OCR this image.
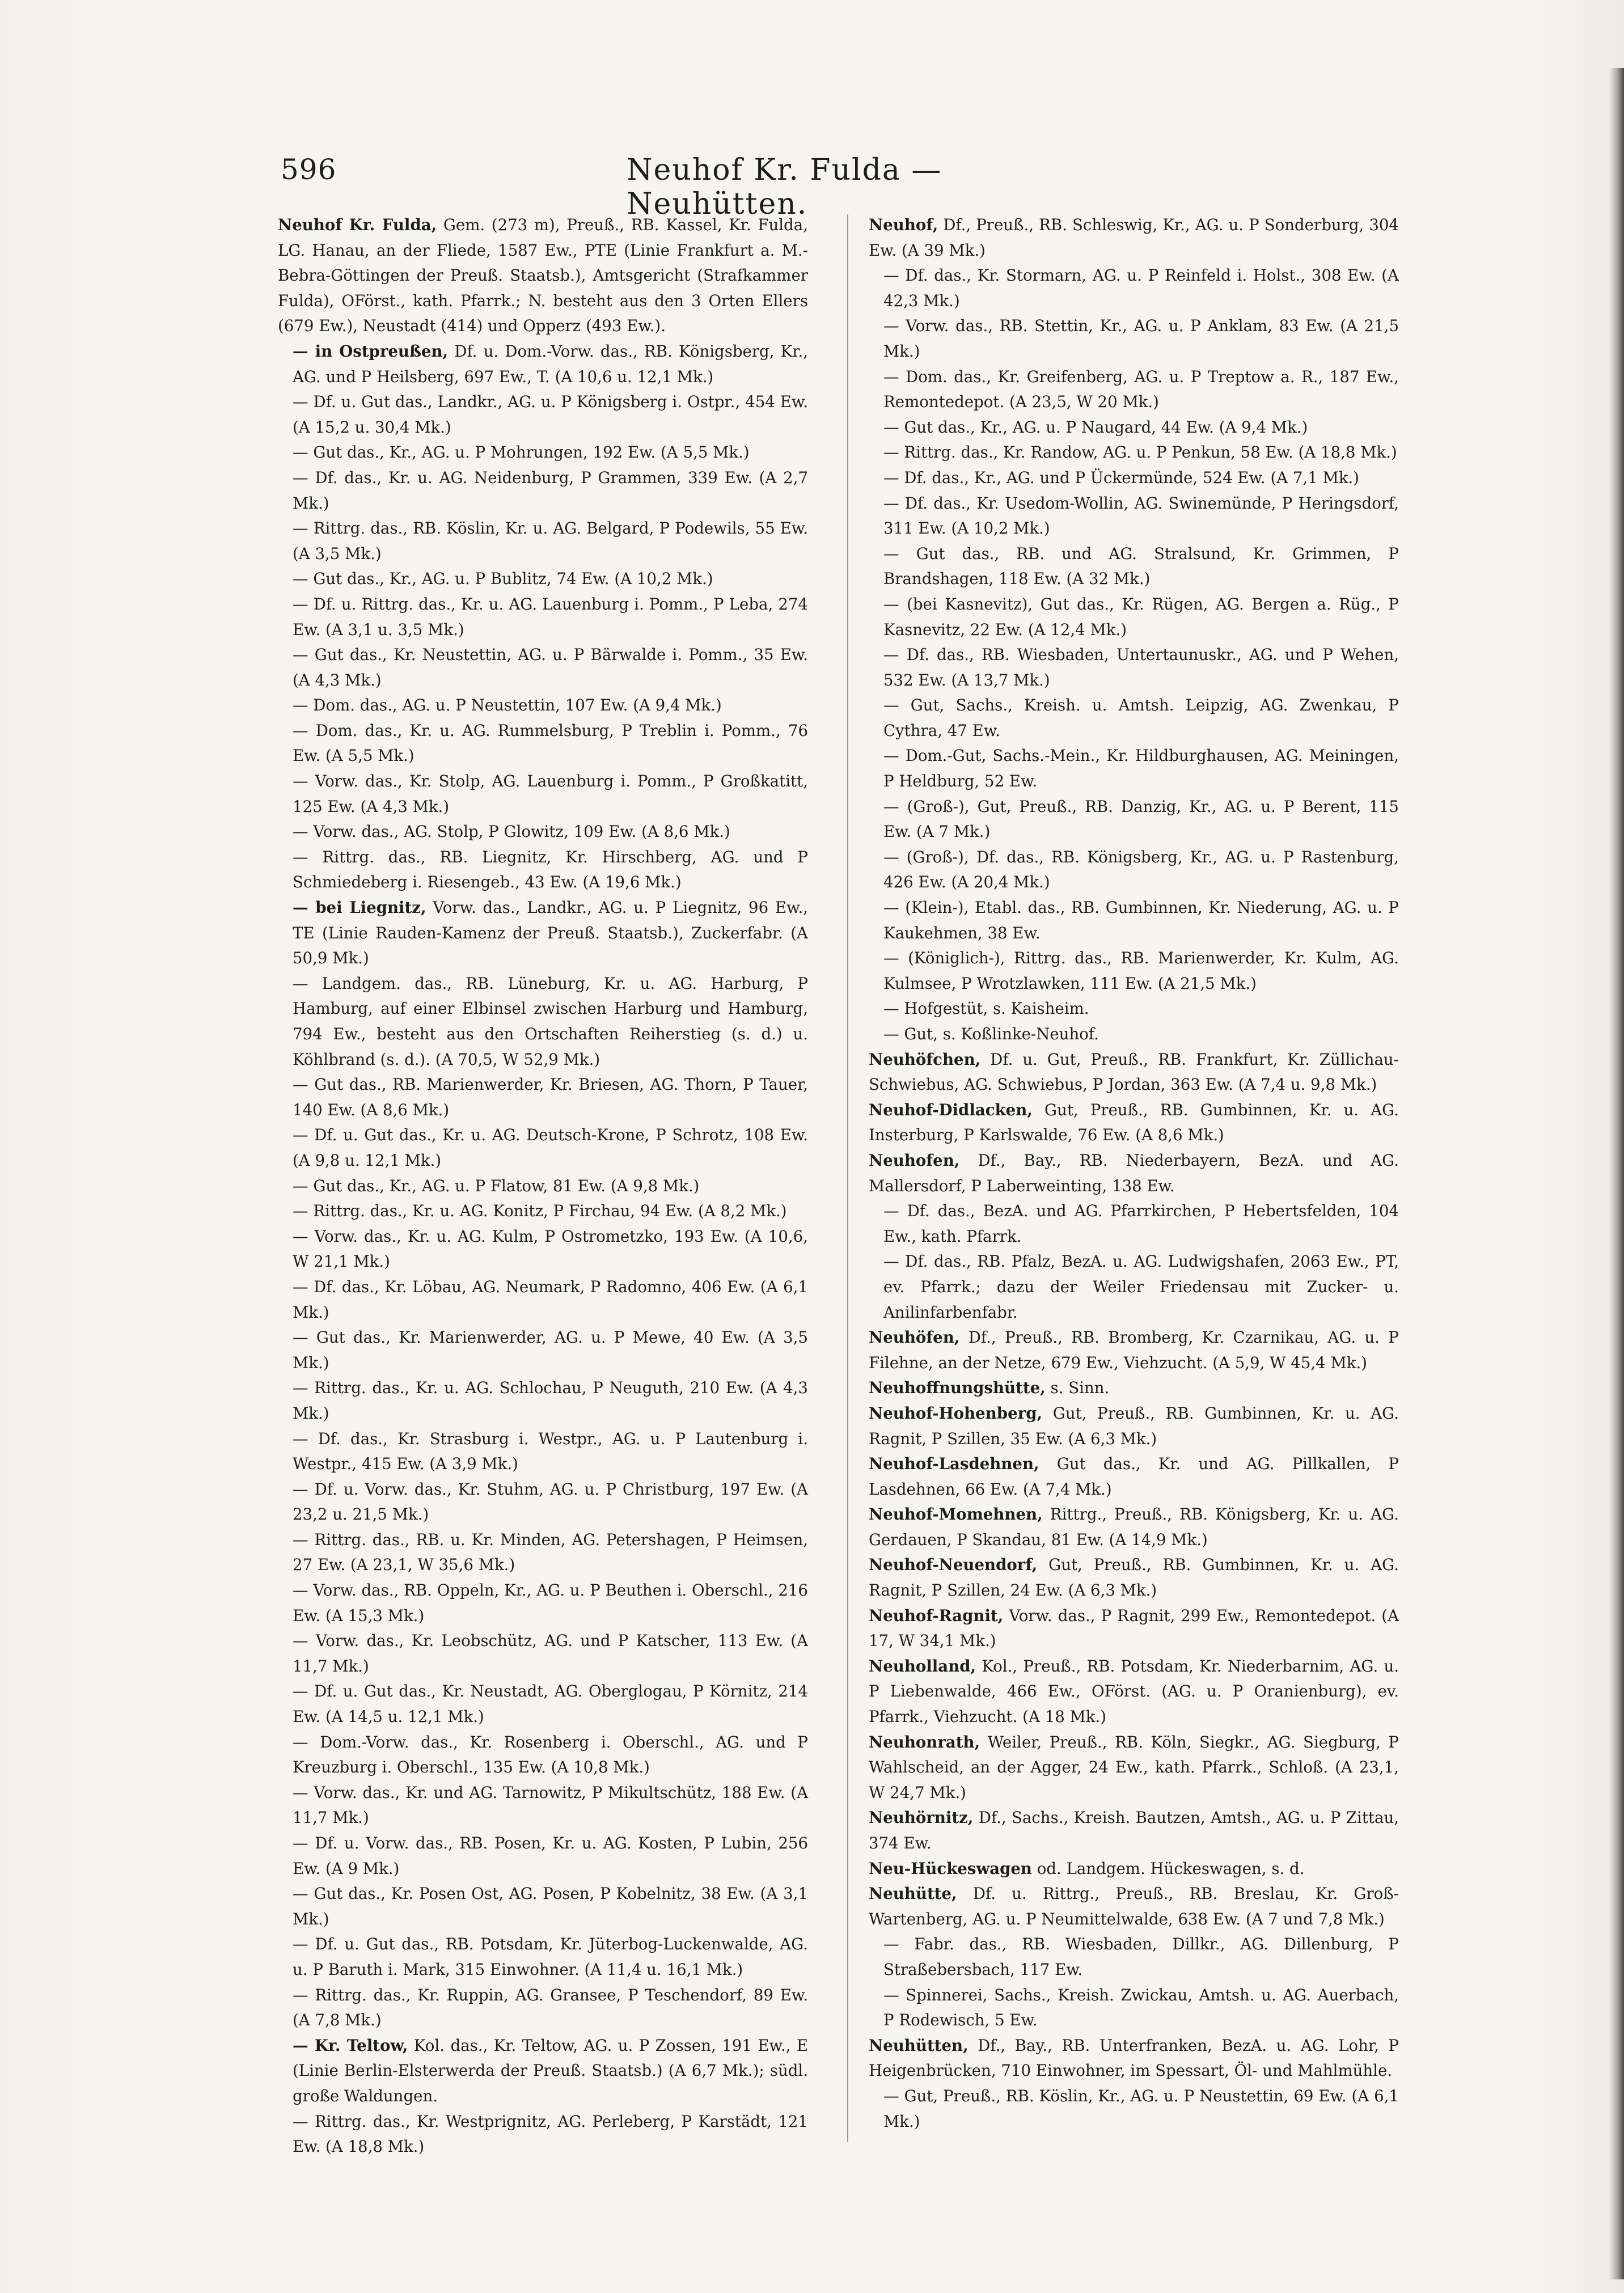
596	Neuhof Kr. Fulda — Neuhütten.

Neuhof Kr. Fulda, Gem. (273 m), Preuß., RB. Kassel, Kr. Fulda, LG. Hanau, an der Fliede, 1587 Ew., PTE (Linie Frankfurt a. M.-Bebra-Göttingen der Preuß. Staatsb.), Amtsgericht (Strafkammer Fulda), OFörst., kath. Pfarrk.; N. besteht aus den 3 Orten Ellers (679 Ew.), Neustadt (414) und Opperz (493 Ew.).

— in Ostpreußen, Df. u. Dom.-Vorw. das., RB. Königsberg, Kr., AG. und P Heilsberg, 697 Ew., T. (A 10,6 u. 12,1 Mk.)

— Df. u. Gut das., Landkr., AG. u. P Königsberg i. Ostpr., 454 Ew. (A 15,2 u. 30,4 Mk.)

— Gut das., Kr., AG. u. P Mohrungen, 192 Ew. (A 5,5 Mk.)

— Df. das., Kr. u. AG. Neidenburg, P Grammen, 339 Ew. (A 2,7 Mk.)

— Rittrg. das., RB. Köslin, Kr. u. AG. Belgard, P Podewils, 55 Ew. (A 3,5 Mk.)

— Gut das., Kr., AG. u. P Bublitz, 74 Ew. (A 10,2 Mk.)

— Df. u. Rittrg. das., Kr. u. AG. Lauenburg i. Pomm., P Leba, 274 Ew. (A 3,1 u. 3,5 Mk.)

— Gut das., Kr. Neustettin, AG. u. P Bärwalde i. Pomm., 35 Ew. (A 4,3 Mk.)

— Dom. das., AG. u. P Neustettin, 107 Ew. (A 9,4 Mk.)

— Dom. das., Kr. u. AG. Rummelsburg, P Treblin i. Pomm., 76 Ew. (A 5,5 Mk.)

— Vorw. das., Kr. Stolp, AG. Lauenburg i. Pomm., P Großkatitt, 125 Ew. (A 4,3 Mk.)

— Vorw. das., AG. Stolp, P Glowitz, 109 Ew. (A 8,6 Mk.)

— Rittrg. das., RB. Liegnitz, Kr. Hirschberg, AG. und P Schmiedeberg i. Riesengeb., 43 Ew. (A 19,6 Mk.)

— bei Liegnitz, Vorw. das., Landkr., AG. u. P Liegnitz, 96 Ew., TE (Linie Rauden-Kamenz der Preuß. Staatsb.), Zuckerfabr. (A 50,9 Mk.)

— Landgem. das., RB. Lüneburg, Kr. u. AG. Harburg, P Hamburg, auf einer Elbinsel zwischen Harburg und Hamburg, 794 Ew., besteht aus den Ortschaften Reiherstieg (s. d.) u. Köhlbrand (s. d.). (A 70,5, W 52,9 Mk.)

— Gut das., RB. Marienwerder, Kr. Briesen, AG. Thorn, P Tauer, 140 Ew. (A 8,6 Mk.)

— Df. u. Gut das., Kr. u. AG. Deutsch-Krone, P Schrotz, 108 Ew. (A 9,8 u. 12,1 Mk.)

— Gut das., Kr., AG. u. P Flatow, 81 Ew. (A 9,8 Mk.)

— Rittrg. das., Kr. u. AG. Konitz, P Firchau, 94 Ew. (A 8,2 Mk.)

— Vorw. das., Kr. u. AG. Kulm, P Ostrometzko, 193 Ew. (A 10,6, W 21,1 Mk.)

— Df. das., Kr. Löbau, AG. Neumark, P Radomno, 406 Ew. (A 6,1 Mk.)

— Gut das., Kr. Marienwerder, AG. u. P Mewe, 40 Ew. (A 3,5 Mk.)

— Rittrg. das., Kr. u. AG. Schlochau, P Neuguth, 210 Ew. (A 4,3 Mk.)

— Df. das., Kr. Strasburg i. Westpr., AG. u. P Lautenburg i. Westpr., 415 Ew. (A 3,9 Mk.)

— Df. u. Vorw. das., Kr. Stuhm, AG. u. P Christburg, 197 Ew. (A 23,2 u. 21,5 Mk.)

— Rittrg. das., RB. u. Kr. Minden, AG. Petershagen, P Heimsen, 27 Ew. (A 23,1, W 35,6 Mk.)

— Vorw. das., RB. Oppeln, Kr., AG. u. P Beuthen i. Oberschl., 216 Ew. (A 15,3 Mk.)

— Vorw. das., Kr. Leobschütz, AG. und P Katscher, 113 Ew. (A 11,7 Mk.)

— Df. u. Gut das., Kr. Neustadt, AG. Oberglogau, P Körnitz, 214 Ew. (A 14,5 u. 12,1 Mk.)

— Dom.-Vorw. das., Kr. Rosenberg i. Oberschl., AG. und P Kreuzburg i. Oberschl., 135 Ew. (A 10,8 Mk.)

— Vorw. das., Kr. und AG. Tarnowitz, P Mikultschütz, 188 Ew. (A 11,7 Mk.)

— Df. u. Vorw. das., RB. Posen, Kr. u. AG. Kosten, P Lubin, 256 Ew. (A 9 Mk.)

— Gut das., Kr. Posen Ost, AG. Posen, P Kobelnitz, 38 Ew. (A 3,1 Mk.)

— Df. u. Gut das., RB. Potsdam, Kr. Jüterbog-Luckenwalde, AG. u. P Baruth i. Mark, 315 Einwohner. (A 11,4 u. 16,1 Mk.)

— Rittrg. das., Kr. Ruppin, AG. Gransee, P Teschendorf, 89 Ew. (A 7,8 Mk.)

— Kr. Teltow, Kol. das., Kr. Teltow, AG. u. P Zossen, 191 Ew., E (Linie Berlin-Elsterwerda der Preuß. Staatsb.) (A 6,7 Mk.); südl. große Waldungen.

— Rittrg. das., Kr. Westprignitz, AG. Perleberg, P Karstädt, 121 Ew. (A 18,8 Mk.)

Neuhof, Df., Preuß., RB. Schleswig, Kr., AG. u. P Sonderburg, 304 Ew. (A 39 Mk.)

— Df. das., Kr. Stormarn, AG. u. P Reinfeld i. Holst., 308 Ew. (A 42,3 Mk.)

— Vorw. das., RB. Stettin, Kr., AG. u. P Anklam, 83 Ew. (A 21,5 Mk.)

— Dom. das., Kr. Greifenberg, AG. u. P Treptow a. R., 187 Ew., Remontedepot. (A 23,5, W 20 Mk.)

— Gut das., Kr., AG. u. P Naugard, 44 Ew. (A 9,4 Mk.)

— Rittrg. das., Kr. Randow, AG. u. P Penkun, 58 Ew. (A 18,8 Mk.)

— Df. das., Kr., AG. und P Ückermünde, 524 Ew. (A 7,1 Mk.)

— Df. das., Kr. Usedom-Wollin, AG. Swinemünde, P Heringsdorf, 311 Ew. (A 10,2 Mk.)

— Gut das., RB. und AG. Stralsund, Kr. Grimmen, P Brandshagen, 118 Ew. (A 32 Mk.)

— (bei Kasnevitz), Gut das., Kr. Rügen, AG. Bergen a. Rüg., P Kasnevitz, 22 Ew. (A 12,4 Mk.)

— Df. das., RB. Wiesbaden, Untertaunuskr., AG. und P Wehen, 532 Ew. (A 13,7 Mk.)

— Gut, Sachs., Kreish. u. Amtsh. Leipzig, AG. Zwenkau, P Cythra, 47 Ew.

— Dom.-Gut, Sachs.-Mein., Kr. Hildburghausen, AG. Meiningen, P Heldburg, 52 Ew.

— (Groß-), Gut, Preuß., RB. Danzig, Kr., AG. u. P Berent, 115 Ew. (A 7 Mk.)

— (Groß-), Df. das., RB. Königsberg, Kr., AG. u. P Rastenburg, 426 Ew. (A 20,4 Mk.)

— (Klein-), Etabl. das., RB. Gumbinnen, Kr. Niederung, AG. u. P Kaukehmen, 38 Ew.

— (Königlich-), Rittrg. das., RB. Marienwerder, Kr. Kulm, AG. Kulmsee, P Wrotzlawken, 111 Ew. (A 21,5 Mk.)

— Hofgestüt, s. Kaisheim.

— Gut, s. Koßlinke-Neuhof.

Neuhöfchen, Df. u. Gut, Preuß., RB. Frankfurt, Kr. Züllichau-Schwiebus, AG. Schwiebus, P Jordan, 363 Ew. (A 7,4 u. 9,8 Mk.)

Neuhof-Didlacken, Gut, Preuß., RB. Gumbinnen, Kr. u. AG. Insterburg, P Karlswalde, 76 Ew. (A 8,6 Mk.)

Neuhofen, Df., Bay., RB. Niederbayern, BezA. und AG. Mallersdorf, P Laberweinting, 138 Ew.

— Df. das., BezA. und AG. Pfarrkirchen, P Hebertsfelden, 104 Ew., kath. Pfarrk.

— Df. das., RB. Pfalz, BezA. u. AG. Ludwigshafen, 2063 Ew., PT, ev. Pfarrk.; dazu der Weiler Friedensau mit Zucker- u. Anilinfarbenfabr.

Neuhöfen, Df., Preuß., RB. Bromberg, Kr. Czarnikau, AG. u. P Filehne, an der Netze, 679 Ew., Viehzucht. (A 5,9, W 45,4 Mk.)

Neuhoffnungshütte, s. Sinn.

Neuhof-Hohenberg, Gut, Preuß., RB. Gumbinnen, Kr. u. AG. Ragnit, P Szillen, 35 Ew. (A 6,3 Mk.)

Neuhof-Lasdehnen, Gut das., Kr. und AG. Pillkallen, P Lasdehnen, 66 Ew. (A 7,4 Mk.)

Neuhof-Momehnen, Rittrg., Preuß., RB. Königsberg, Kr. u. AG. Gerdauen, P Skandau, 81 Ew. (A 14,9 Mk.)

Neuhof-Neuendorf, Gut, Preuß., RB. Gumbinnen, Kr. u. AG. Ragnit, P Szillen, 24 Ew. (A 6,3 Mk.)

Neuhof-Ragnit, Vorw. das., P Ragnit, 299 Ew., Remontedepot. (A 17, W 34,1 Mk.)

Neuholland, Kol., Preuß., RB. Potsdam, Kr. Niederbarnim, AG. u. P Liebenwalde, 466 Ew., OFörst. (AG. u. P Oranienburg), ev. Pfarrk., Viehzucht. (A 18 Mk.)

Neuhonrath, Weiler, Preuß., RB. Köln, Siegkr., AG. Siegburg, P Wahlscheid, an der Agger, 24 Ew., kath. Pfarrk., Schloß. (A 23,1, W 24,7 Mk.)

Neuhörnitz, Df., Sachs., Kreish. Bautzen, Amtsh., AG. u. P Zittau, 374 Ew.

Neu-Hückeswagen od. Landgem. Hückeswagen, s. d.

Neuhütte, Df. u. Rittrg., Preuß., RB. Breslau, Kr. Groß-Wartenberg, AG. u. P Neumittelwalde, 638 Ew. (A 7 und 7,8 Mk.)

— Fabr. das., RB. Wiesbaden, Dillkr., AG. Dillenburg, P Straßebersbach, 117 Ew.

— Spinnerei, Sachs., Kreish. Zwickau, Amtsh. u. AG. Auerbach, P Rodewisch, 5 Ew.

Neuhütten, Df., Bay., RB. Unterfranken, BezA. u. AG. Lohr, P Heigenbrücken, 710 Einwohner, im Spessart, Öl- und Mahlmühle.

— Gut, Preuß., RB. Köslin, Kr., AG. u. P Neustettin, 69 Ew. (A 6,1 Mk.)
